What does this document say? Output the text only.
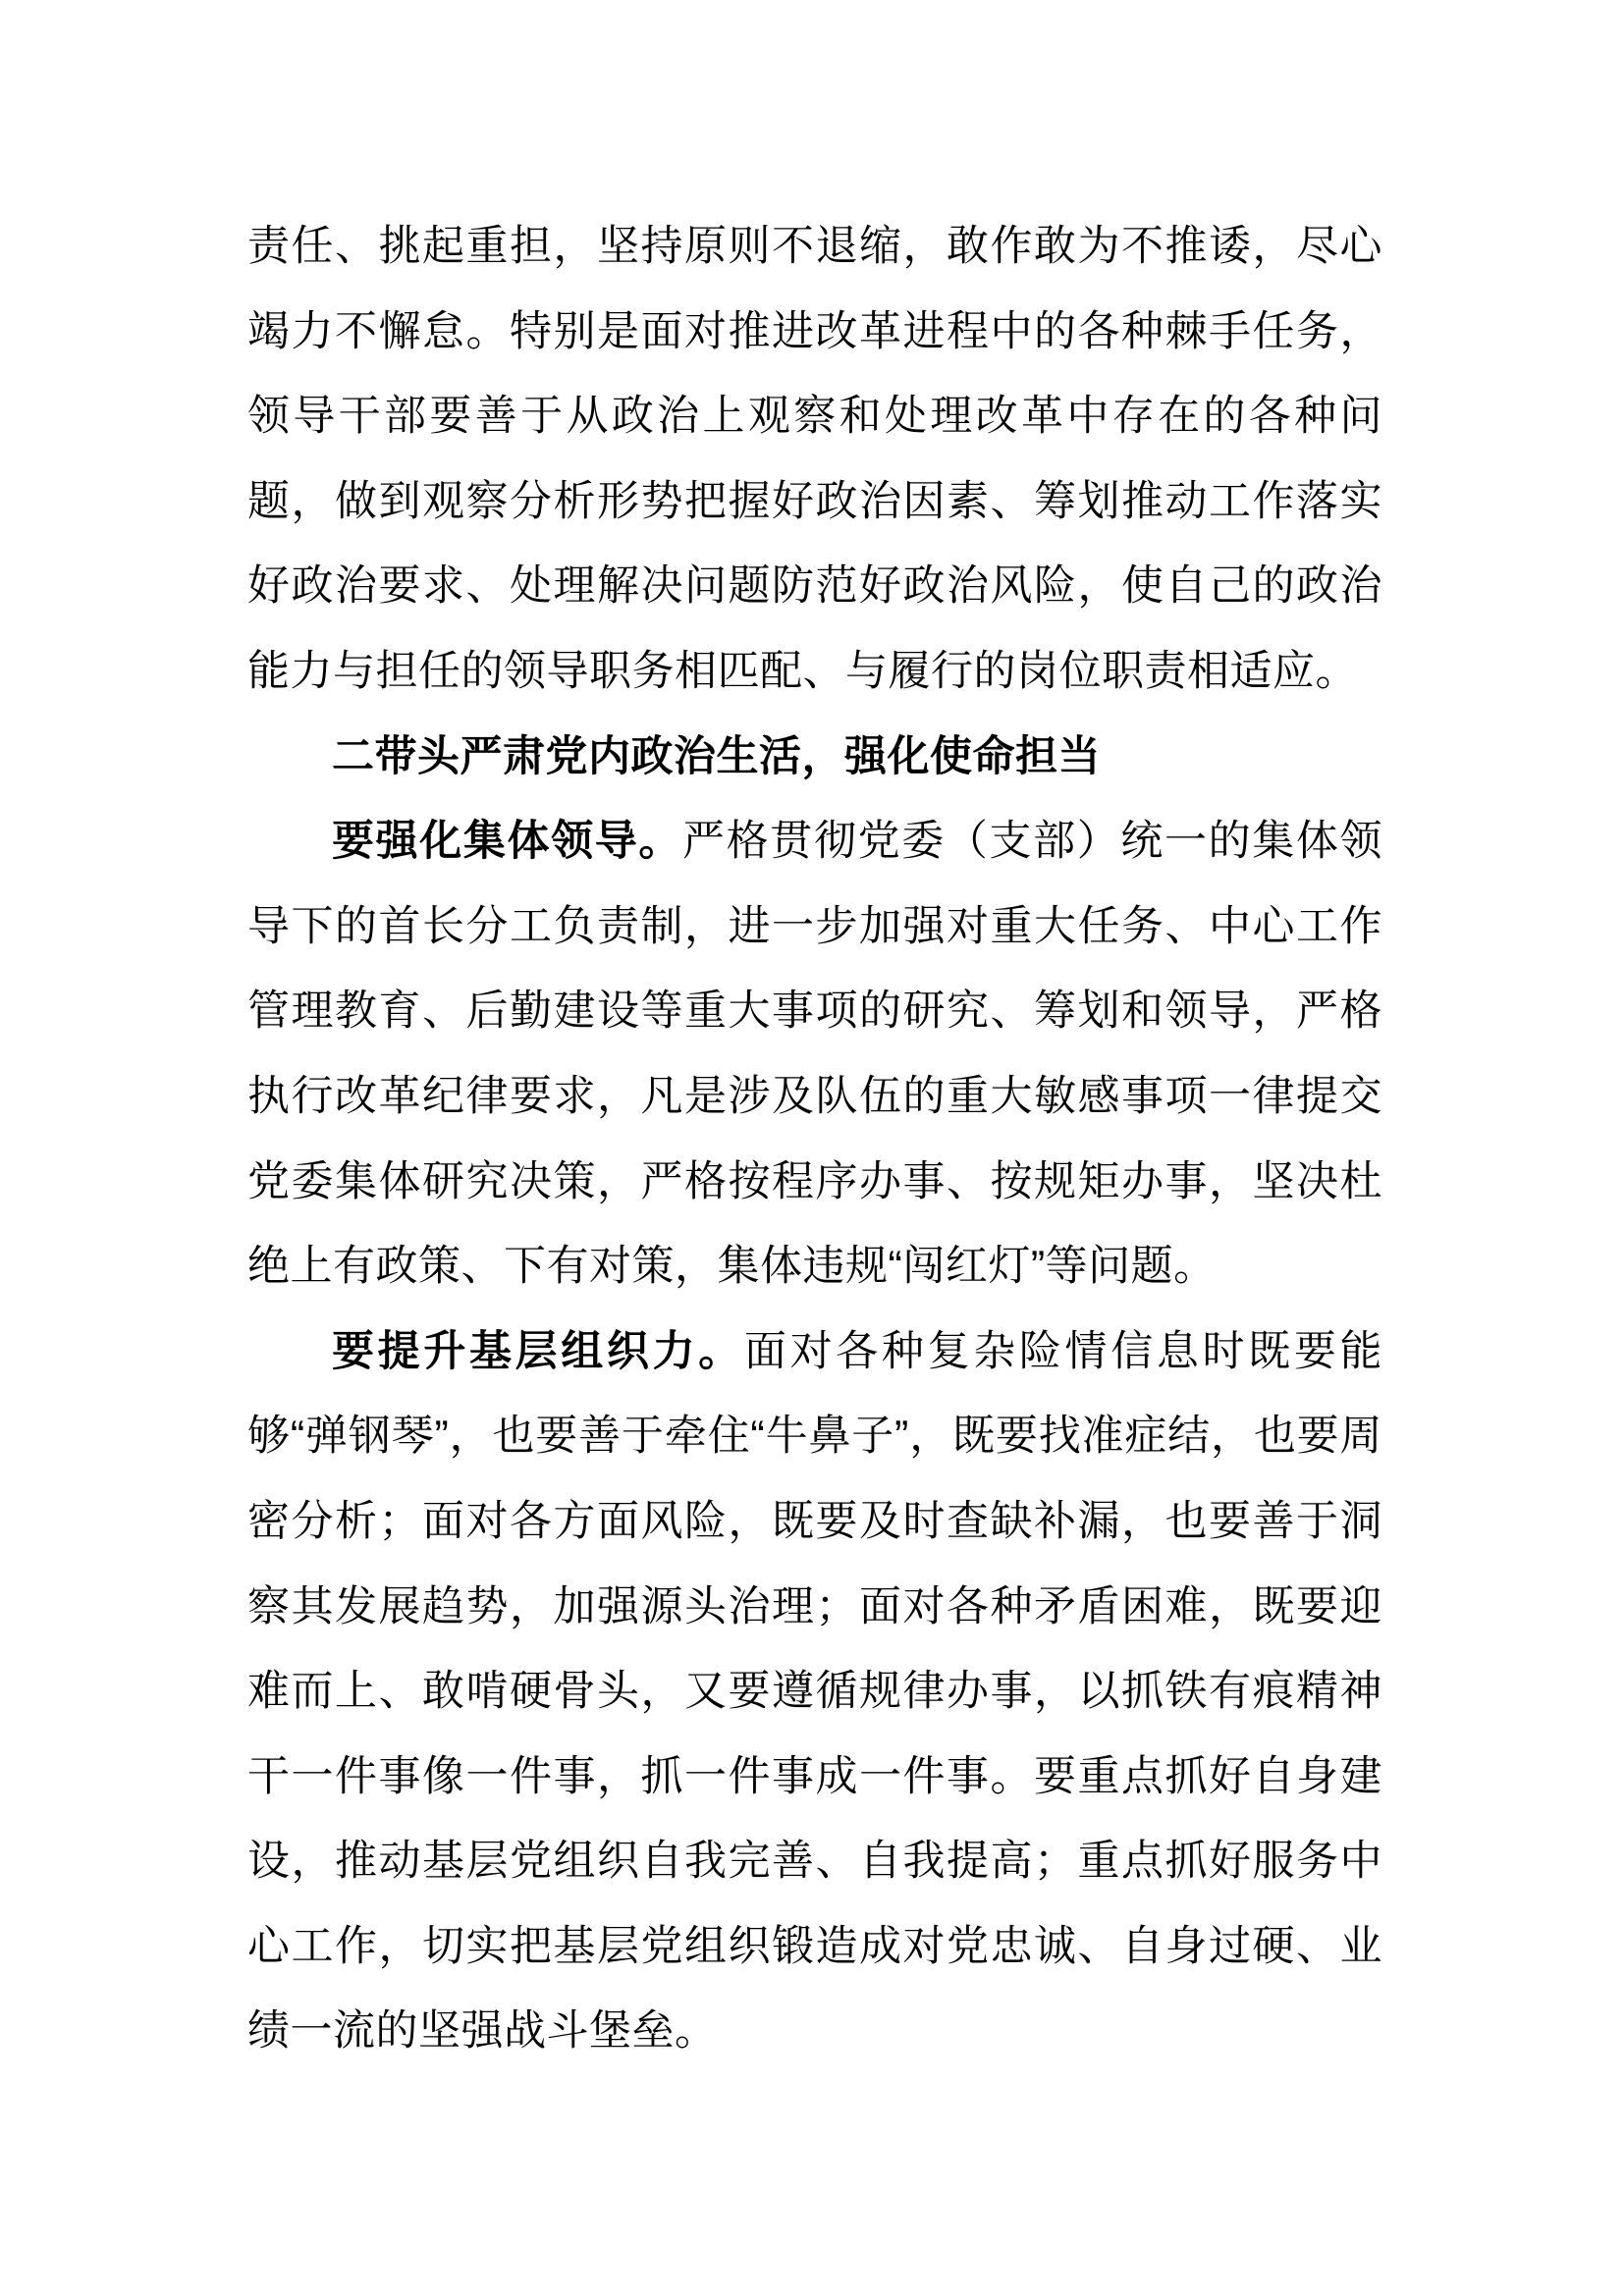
责任、挑起重担，坚持原则不退缩，敢作敢为不推诿，尽心竭力不懈怠。特别是面对推进改革进程中的各种棘手任务，领导干部要善于从政治上观察和处理改革中存在的各种问题，做到观察分析形势把握好政治因素、筹划推动工作落实好政治要求、处理解决问题防范好政治风险，使自己的政治能力与担任的领导职务相匹配、与履行的岗位职责相适应。

二带头严肃党内政治生活，强化使命担当

要强化集体领导。严格贯彻党委（支部）统一的集体领导下的首长分工负责制，进一步加强对重大任务、中心工作管理教育、后勤建设等重大事项的研究、筹划和领导，严格执行改革纪律要求，凡是涉及队伍的重大敏感事项一律提交党委集体研究决策，严格按程序办事、按规矩办事，坚决杜绝上有政策、下有对策，集体违规“闯红灯”等问题。

要提升基层组织力。面对各种复杂险情信息时既要能够“弹钢琴”，也要善于牵住“牛鼻子”，既要找准症结，也要周密分析；面对各方面风险，既要及时查缺补漏，也要善于洞察其发展趋势，加强源头治理；面对各种矛盾困难，既要迎难而上、敢啃硬骨头，又要遵循规律办事，以抓铁有痕精神干一件事像一件事，抓一件事成一件事。要重点抓好自身建设，推动基层党组织自我完善、自我提高；重点抓好服务中心工作，切实把基层党组织锻造成对党忠诚、自身过硬、业绩一流的坚强战斗堡垒。
